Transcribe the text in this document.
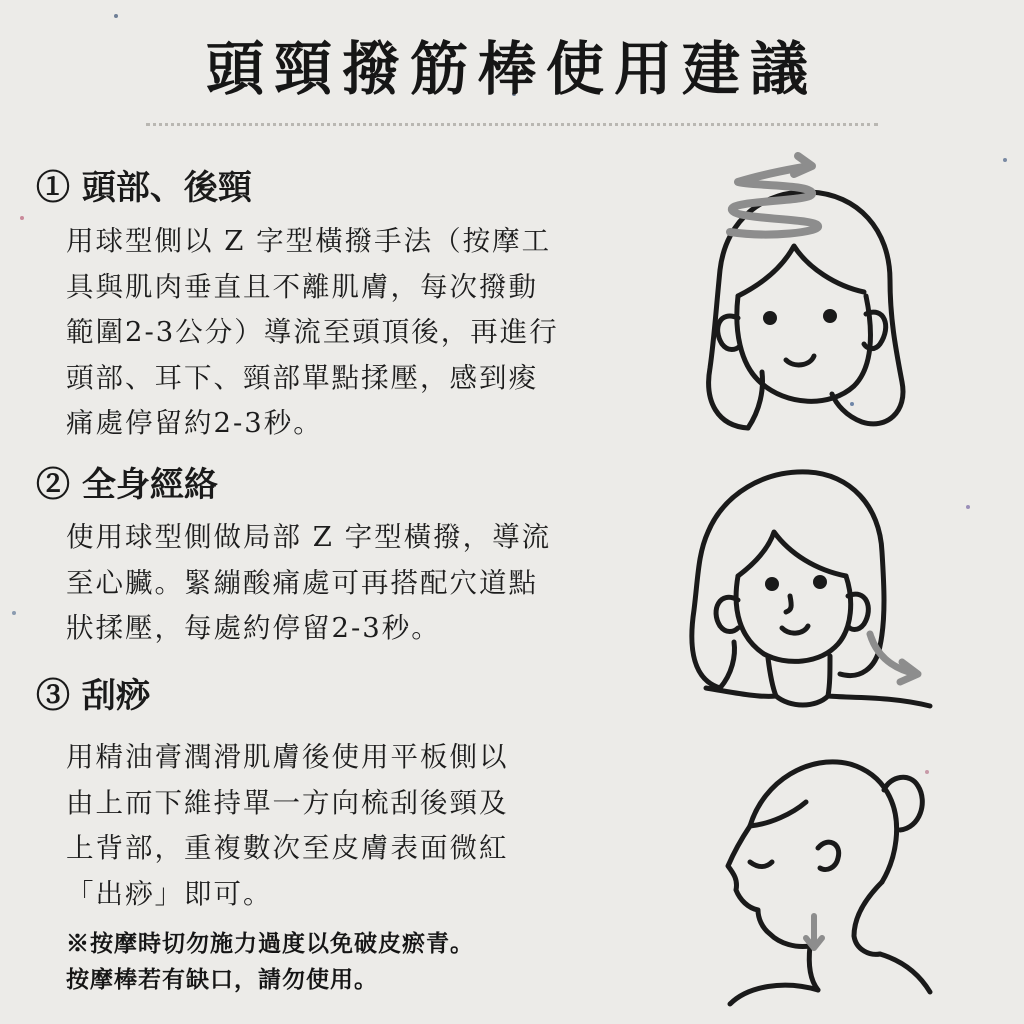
頭頸撥筋棒使用建議
① 頭部、後頸
用球型側以 Z 字型橫撥手法（按摩工
具與肌肉垂直且不離肌膚，每次撥動
範圍2-3公分）導流至頭頂後，再進行
頭部、耳下、頸部單點揉壓，感到痠
痛處停留約2-3秒。
② 全身經絡
使用球型側做局部 Z 字型橫撥，導流
至心臟。緊繃酸痛處可再搭配穴道點
狀揉壓，每處約停留2-3秒。
③ 刮痧
用精油膏潤滑肌膚後使用平板側以
由上而下維持單一方向梳刮後頸及
上背部，重複數次至皮膚表面微紅
「出痧」即可。
※按摩時切勿施力過度以免破皮瘀青。
按摩棒若有缺口，請勿使用。
